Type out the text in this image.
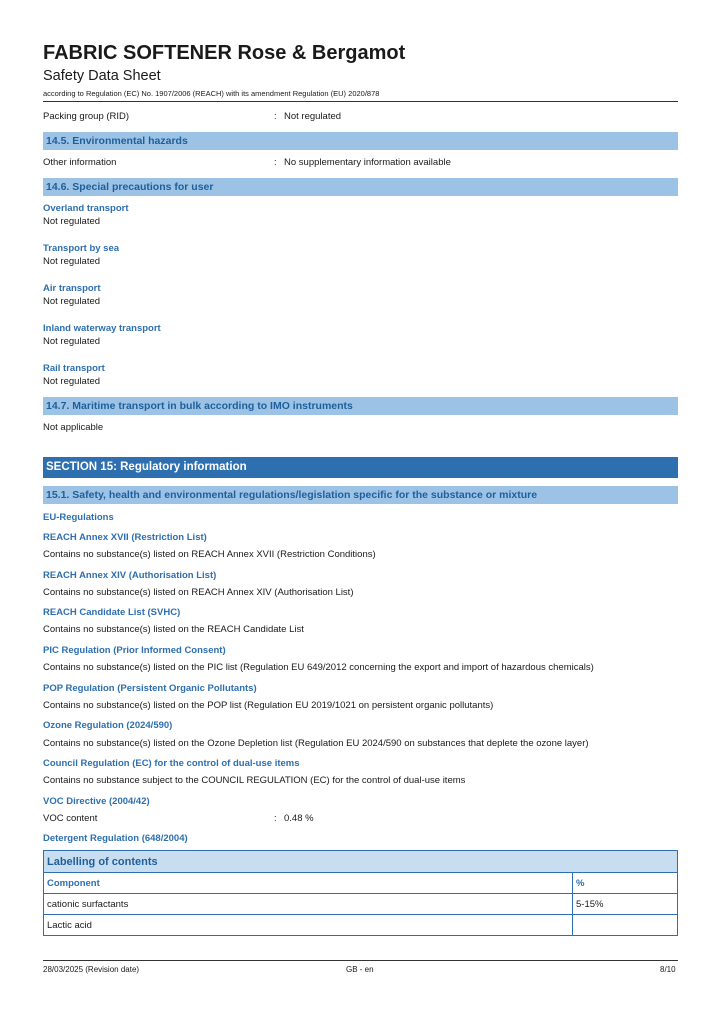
FABRIC SOFTENER Rose & Bergamot
Safety Data Sheet
according to Regulation (EC) No. 1907/2006 (REACH) with its amendment Regulation (EU) 2020/878
Packing group (RID)	: Not regulated
14.5. Environmental hazards
Other information	: No supplementary information available
14.6. Special precautions for user
Overland transport
Not regulated
Transport by sea
Not regulated
Air transport
Not regulated
Inland waterway transport
Not regulated
Rail transport
Not regulated
14.7. Maritime transport in bulk according to IMO instruments
Not applicable
SECTION 15: Regulatory information
15.1. Safety, health and environmental regulations/legislation specific for the substance or mixture
EU-Regulations
REACH Annex XVII (Restriction List)
Contains no substance(s) listed on REACH Annex XVII (Restriction Conditions)
REACH Annex XIV (Authorisation List)
Contains no substance(s) listed on REACH Annex XIV (Authorisation List)
REACH Candidate List (SVHC)
Contains no substance(s) listed on the REACH Candidate List
PIC Regulation (Prior Informed Consent)
Contains no substance(s) listed on the PIC list (Regulation EU 649/2012 concerning the export and import of hazardous chemicals)
POP Regulation (Persistent Organic Pollutants)
Contains no substance(s) listed on the POP list (Regulation EU 2019/1021 on persistent organic pollutants)
Ozone Regulation (2024/590)
Contains no substance(s) listed on the Ozone Depletion list (Regulation EU 2024/590 on substances that deplete the ozone layer)
Council Regulation (EC) for the control of dual-use items
Contains no substance subject to the COUNCIL REGULATION (EC) for the control of dual-use items
VOC Directive (2004/42)
VOC content	: 0.48 %
Detergent Regulation (648/2004)
Labelling of contents	
Component	%
cationic surfactants	5-15%
Lactic acid	
28/03/2025 (Revision date)	GB - en	8/10
